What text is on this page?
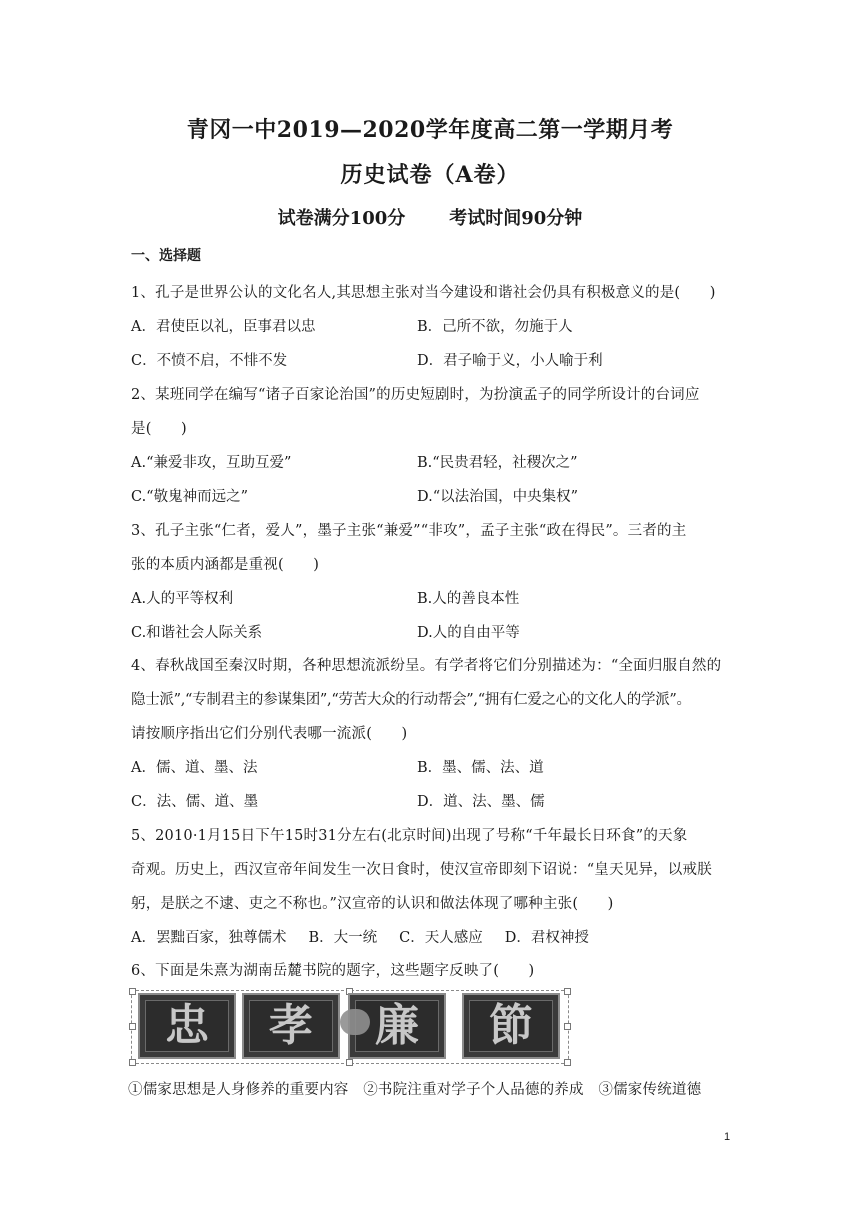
青冈一中2019—2020学年度高二第一学期月考
历史试卷（A卷）
试卷满分100分 考试时间90分钟
一、选择题
1、孔子是世界公认的文化名人,其思想主张对当今建设和谐社会仍具有积极意义的是(　　)
A．君使臣以礼，臣事君以忠	B．己所不欲，勿施于人
C．不愤不启，不悱不发	D．君子喻于义，小人喻于利
2、某班同学在编写“诸子百家论治国”的历史短剧时，为扮演孟子的同学所设计的台词应
是(　　)
A.“兼爱非攻，互助互爱”	B.“民贵君轻，社稷次之”
C.“敬鬼神而远之”	D.“以法治国，中央集权”
3、孔子主张“仁者，爱人”，墨子主张“兼爱”“非攻”，孟子主张“政在得民”。三者的主
张的本质内涵都是重视(　　)
A.人的平等权利	B.人的善良本性
C.和谐社会人际关系	D.人的自由平等
4、春秋战国至秦汉时期，各种思想流派纷呈。有学者将它们分别描述为：“全面归服自然的
隐士派”,“专制君主的参谋集团”,“劳苦大众的行动帮会”,“拥有仁爱之心的文化人的学派”。
请按顺序指出它们分别代表哪一流派(　　)
A．儒、道、墨、法	B．墨、儒、法、道
C．法、儒、道、墨	D．道、法、墨、儒
5、2010·1月15日下午15时31分左右(北京时间)出现了号称“千年最长日环食”的天象
奇观。历史上，西汉宣帝年间发生一次日食时，使汉宣帝即刻下诏说：“皇天见异，以戒朕
躬，是朕之不逮、吏之不称也。”汉宣帝的认识和做法体现了哪种主张(　　)
A．罢黜百家，独尊儒术 B．大一统 C．天人感应 D．君权神授
6、下面是朱熹为湖南岳麓书院的题字，这些题字反映了(　　)
忠 孝 廉 節
①儒家思想是人身修养的重要内容　②书院注重对学子个人品德的养成　③儒家传统道德
1
